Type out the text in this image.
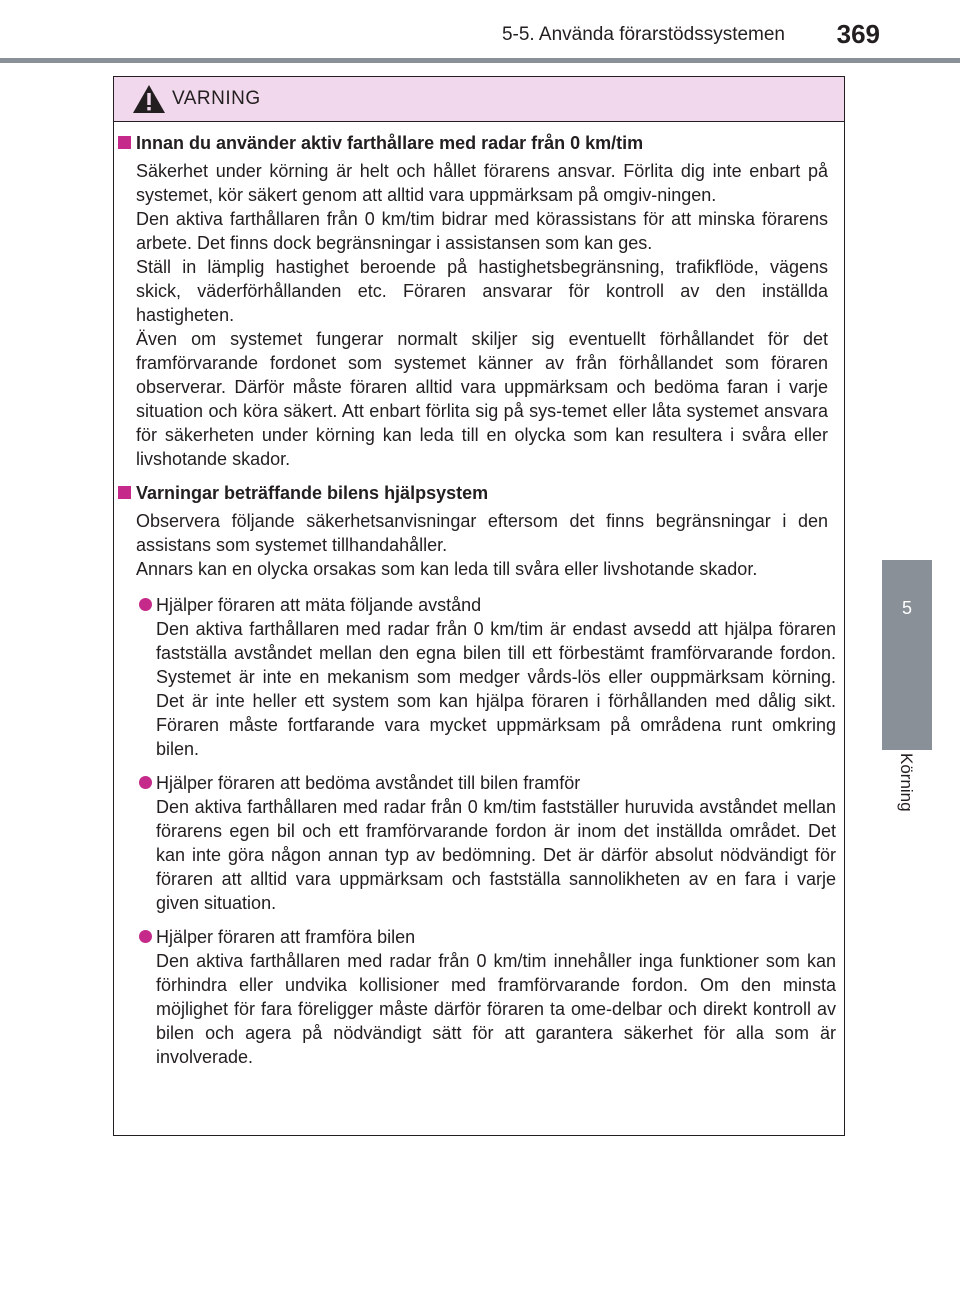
5-5. Använda förarstödssystemen	369
5
Körning
VARNING
Innan du använder aktiv farthållare med radar från 0 km/tim

Säkerhet under körning är helt och hållet förarens ansvar. Förlita dig inte enbart på systemet, kör säkert genom att alltid vara uppmärksam på omgiv-ningen.

Den aktiva farthållaren från 0 km/tim bidrar med körassistans för att minska förarens arbete. Det finns dock begränsningar i assistansen som kan ges.

Ställ in lämplig hastighet beroende på hastighetsbegränsning, trafikflöde, vägens skick, väderförhållanden etc. Föraren ansvarar för kontroll av den inställda hastigheten.

Även om systemet fungerar normalt skiljer sig eventuellt förhållandet för det framförvarande fordonet som systemet känner av från förhållandet som föraren observerar. Därför måste föraren alltid vara uppmärksam och bedöma faran i varje situation och köra säkert. Att enbart förlita sig på sys-temet eller låta systemet ansvara för säkerheten under körning kan leda till en olycka som kan resultera i svåra eller livshotande skador.

Varningar beträffande bilens hjälpsystem

Observera följande säkerhetsanvisningar eftersom det finns begränsningar i den assistans som systemet tillhandahåller.

Annars kan en olycka orsakas som kan leda till svåra eller livshotande skador.

Hjälper föraren att mäta följande avstånd

Den aktiva farthållaren med radar från 0 km/tim är endast avsedd att hjälpa föraren fastställa avståndet mellan den egna bilen till ett förbestämt framförvarande fordon. Systemet är inte en mekanism som medger vårds-lös eller ouppmärksam körning. Det är inte heller ett system som kan hjälpa föraren i förhållanden med dålig sikt. Föraren måste fortfarande vara mycket uppmärksam på områdena runt omkring bilen.

Hjälper föraren att bedöma avståndet till bilen framför

Den aktiva farthållaren med radar från 0 km/tim fastställer huruvida avståndet mellan förarens egen bil och ett framförvarande fordon är inom det inställda området. Det kan inte göra någon annan typ av bedömning. Det är därför absolut nödvändigt för föraren att alltid vara uppmärksam och fastställa sannolikheten av en fara i varje given situation.

Hjälper föraren att framföra bilen

Den aktiva farthållaren med radar från 0 km/tim innehåller inga funktioner som kan förhindra eller undvika kollisioner med framförvarande fordon. Om den minsta möjlighet för fara föreligger måste därför föraren ta ome-delbar och direkt kontroll av bilen och agera på nödvändigt sätt för att garantera säkerhet för alla som är involverade.
